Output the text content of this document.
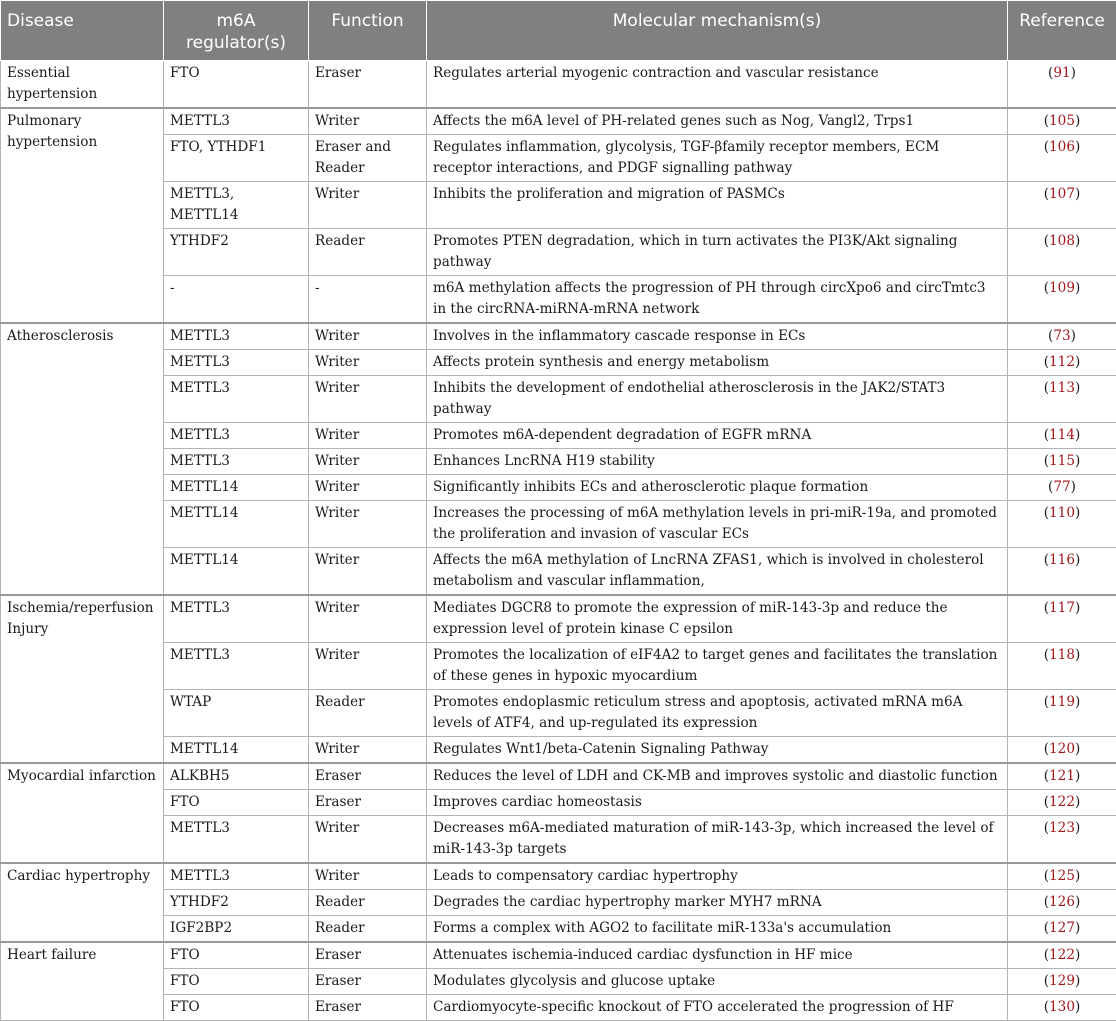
Disease	m6A regulator(s)	Function	Molecular mechanism(s)	Reference
Essential hypertension	FTO	Eraser	Regulates arterial myogenic contraction and vascular resistance	(91)
Pulmonary hypertension	METTL3	Writer	Affects the m6A level of PH-related genes such as Nog, Vangl2, Trps1	(105)
	FTO, YTHDF1	Eraser and Reader	Regulates inflammation, glycolysis, TGF-βfamily receptor members, ECM receptor interactions, and PDGF signalling pathway	(106)
	METTL3, METTL14	Writer	Inhibits the proliferation and migration of PASMCs	(107)
	YTHDF2	Reader	Promotes PTEN degradation, which in turn activates the PI3K/Akt signaling pathway	(108)
	-	-	m6A methylation affects the progression of PH through circXpo6 and circTmtc3 in the circRNA-miRNA-mRNA network	(109)
Atherosclerosis	METTL3	Writer	Involves in the inflammatory cascade response in ECs	(73)
	METTL3	Writer	Affects protein synthesis and energy metabolism	(112)
	METTL3	Writer	Inhibits the development of endothelial atherosclerosis in the JAK2/STAT3 pathway	(113)
	METTL3	Writer	Promotes m6A-dependent degradation of EGFR mRNA	(114)
	METTL3	Writer	Enhances LncRNA H19 stability	(115)
	METTL14	Writer	Significantly inhibits ECs and atherosclerotic plaque formation	(77)
	METTL14	Writer	Increases the processing of m6A methylation levels in pri-miR-19a, and promoted the proliferation and invasion of vascular ECs	(110)
	METTL14	Writer	Affects the m6A methylation of LncRNA ZFAS1, which is involved in cholesterol metabolism and vascular inflammation,	(116)
Ischemia/reperfusion Injury	METTL3	Writer	Mediates DGCR8 to promote the expression of miR-143-3p and reduce the expression level of protein kinase C epsilon	(117)
	METTL3	Writer	Promotes the localization of eIF4A2 to target genes and facilitates the translation of these genes in hypoxic myocardium	(118)
	WTAP	Reader	Promotes endoplasmic reticulum stress and apoptosis, activated mRNA m6A levels of ATF4, and up-regulated its expression	(119)
	METTL14	Writer	Regulates Wnt1/beta-Catenin Signaling Pathway	(120)
Myocardial infarction	ALKBH5	Eraser	Reduces the level of LDH and CK-MB and improves systolic and diastolic function	(121)
	FTO	Eraser	Improves cardiac homeostasis	(122)
	METTL3	Writer	Decreases m6A-mediated maturation of miR-143-3p, which increased the level of miR-143-3p targets	(123)
Cardiac hypertrophy	METTL3	Writer	Leads to compensatory cardiac hypertrophy	(125)
	YTHDF2	Reader	Degrades the cardiac hypertrophy marker MYH7 mRNA	(126)
	IGF2BP2	Reader	Forms a complex with AGO2 to facilitate miR-133a's accumulation	(127)
Heart failure	FTO	Eraser	Attenuates ischemia-induced cardiac dysfunction in HF mice	(122)
	FTO	Eraser	Modulates glycolysis and glucose uptake	(129)
	FTO	Eraser	Cardiomyocyte-specific knockout of FTO accelerated the progression of HF	(130)
